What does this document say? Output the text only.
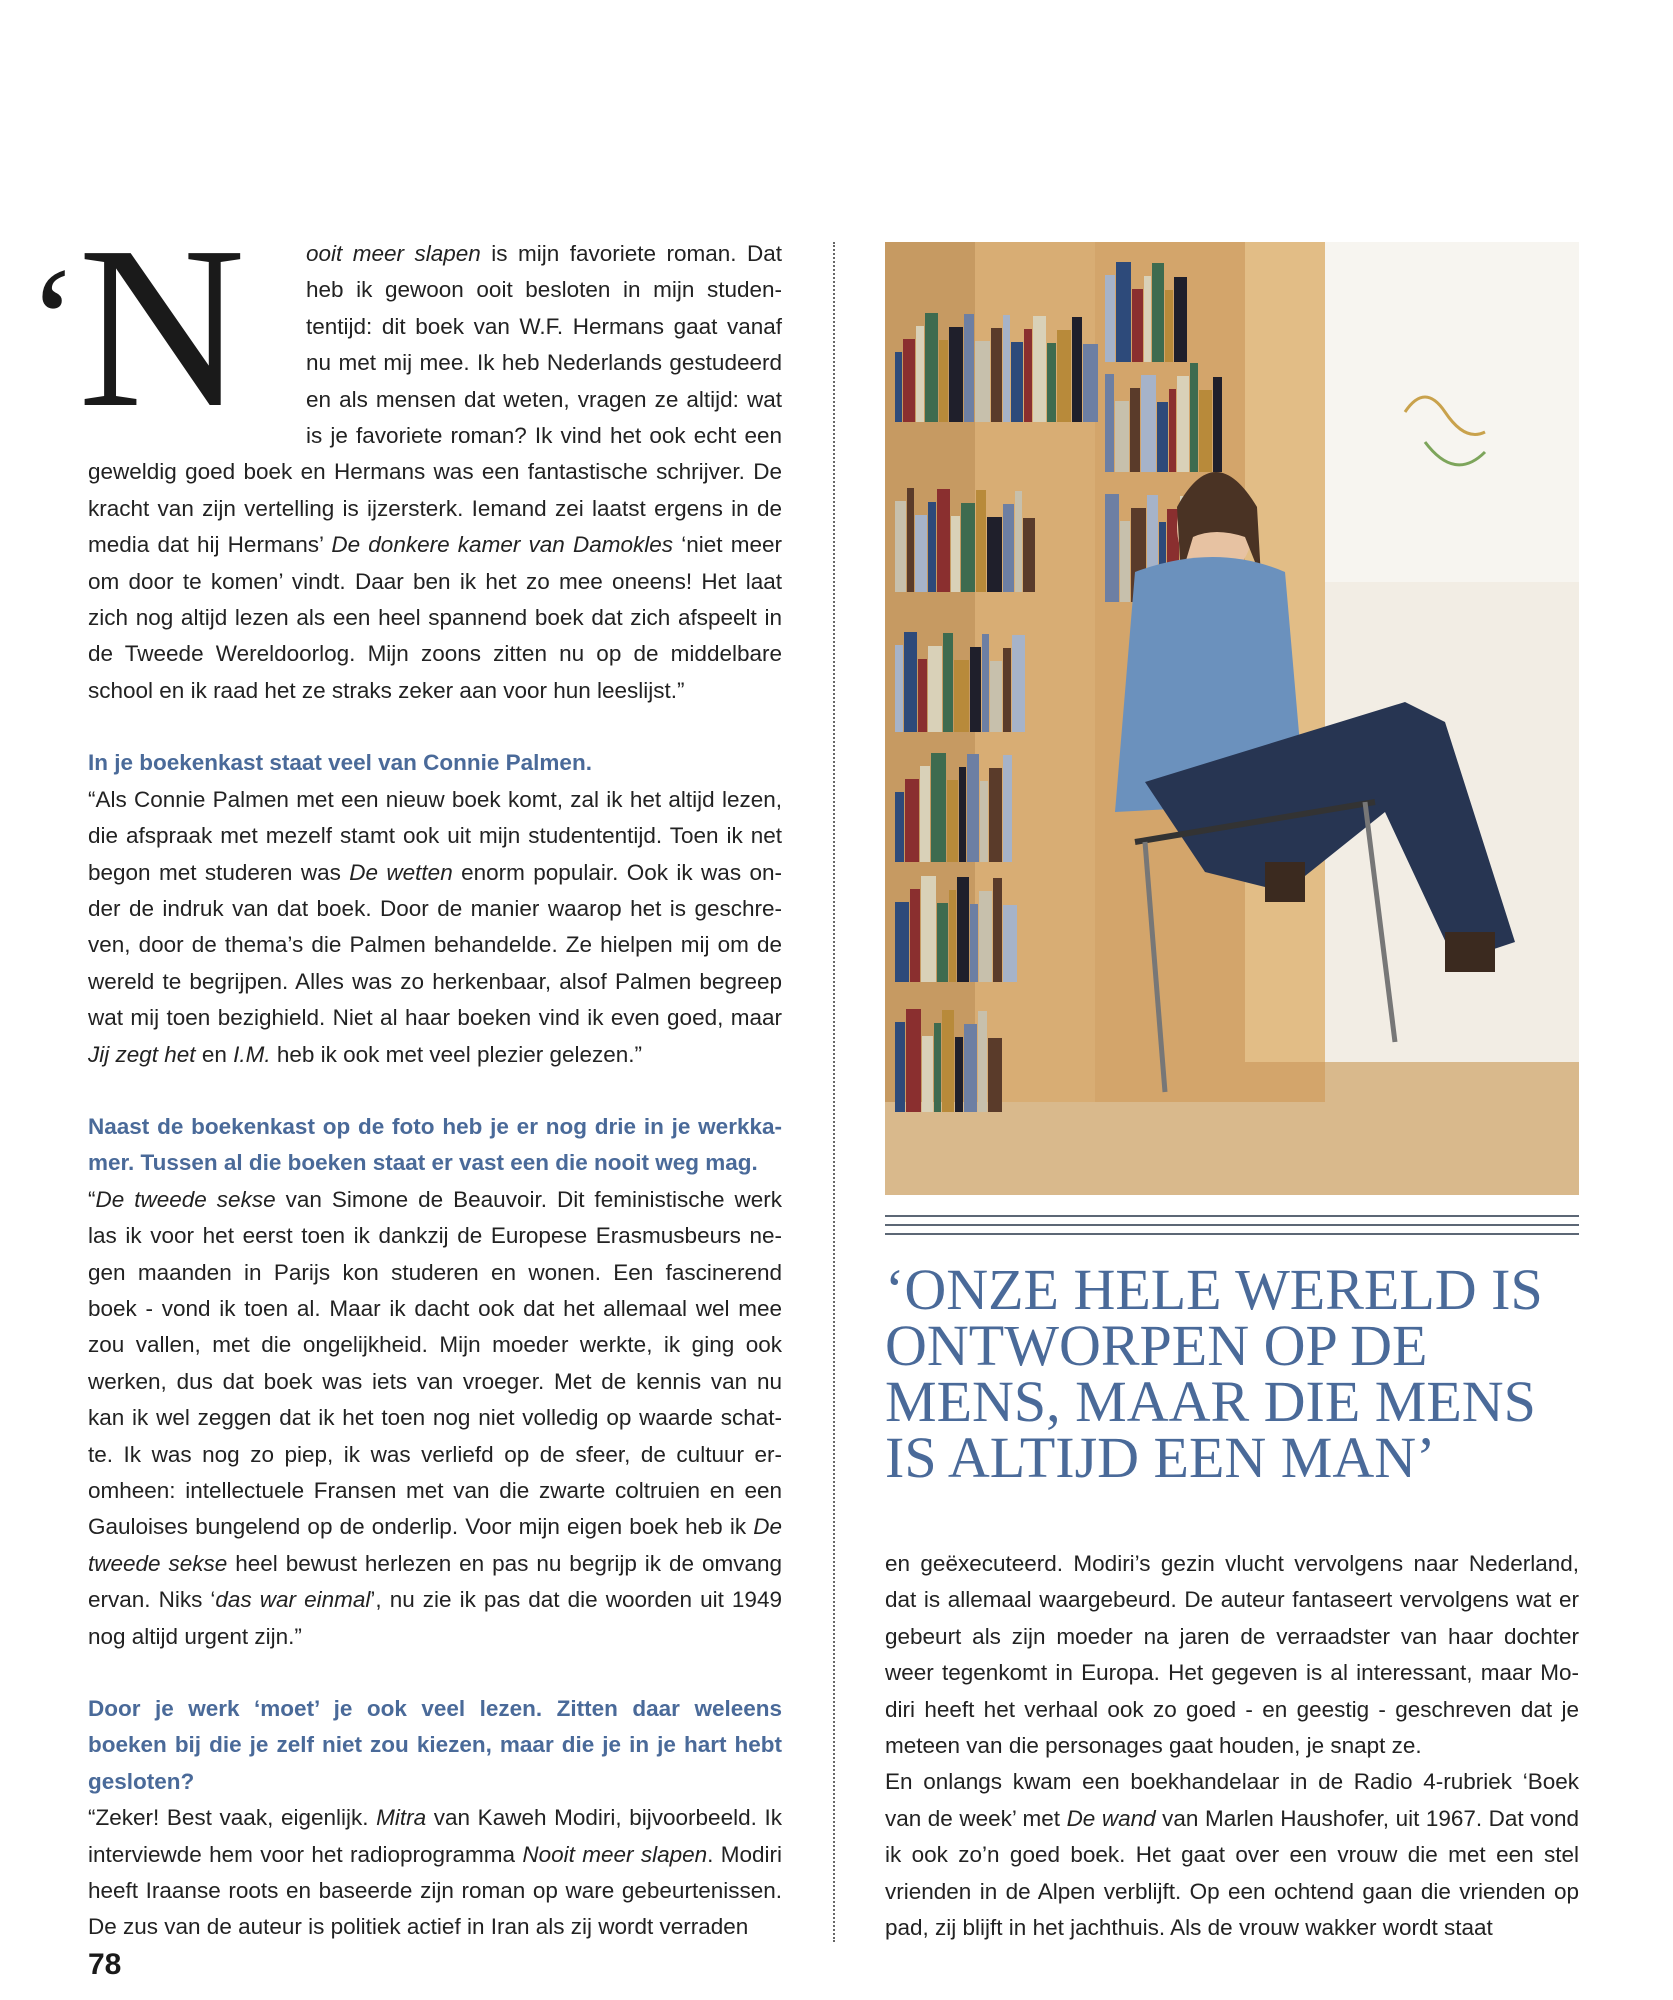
‘N	ooit meer slapen is mijn favoriete roman. Dat
heb ik gewoon ooit besloten in mijn studen-
tentijd: dit boek van W.F. Hermans gaat vanaf
nu met mij mee. Ik heb Nederlands gestudeerd
en als mensen dat weten, vragen ze altijd: wat
is je favoriete roman? Ik vind het ook echt een

geweldig goed boek en Hermans was een fantastische schrijver. De kracht van zijn vertelling is ijzersterk. Iemand zei laatst ergens in de media dat hij Hermans’ De donkere kamer van Damokles ‘niet meer om door te komen’ vindt. Daar ben ik het zo mee oneens! Het laat zich nog altijd lezen als een heel spannend boek dat zich afspeelt in de Tweede Wereldoorlog. Mijn zoons zitten nu op de middelbare school en ik raad het ze straks zeker aan voor hun leeslijst.”

In je boekenkast staat veel van Connie Palmen.

“Als Connie Palmen met een nieuw boek komt, zal ik het altijd lezen, die afspraak met mezelf stamt ook uit mijn studententijd. Toen ik net begon met studeren was De wetten enorm populair. Ook ik was on-der de indruk van dat boek. Door de manier waarop het is geschre-ven, door de thema’s die Palmen behandelde. Ze hielpen mij om de wereld te begrijpen. Alles was zo herkenbaar, alsof Palmen begreep wat mij toen bezighield. Niet al haar boeken vind ik even goed, maar Jij zegt het en I.M. heb ik ook met veel plezier gelezen.”

Naast de boekenkast op de foto heb je er nog drie in je werkka-mer. Tussen al die boeken staat er vast een die nooit weg mag.

“De tweede sekse van Simone de Beauvoir. Dit feministische werk las ik voor het eerst toen ik dankzij de Europese Erasmusbeurs ne-gen maanden in Parijs kon studeren en wonen. Een fascinerend boek - vond ik toen al. Maar ik dacht ook dat het allemaal wel mee zou vallen, met die ongelijkheid. Mijn moeder werkte, ik ging ook werken, dus dat boek was iets van vroeger. Met de kennis van nu kan ik wel zeggen dat ik het toen nog niet volledig op waarde schat-te. Ik was nog zo piep, ik was verliefd op de sfeer, de cultuur er-omheen: intellectuele Fransen met van die zwarte coltruien en een Gauloises bungelend op de onderlip. Voor mijn eigen boek heb ik De tweede sekse heel bewust herlezen en pas nu begrijp ik de omvang ervan. Niks ‘das war einmal’, nu zie ik pas dat die woorden uit 1949 nog altijd urgent zijn.”

Door je werk ‘moet’ je ook veel lezen. Zitten daar weleens boeken bij die je zelf niet zou kiezen, maar die je in je hart hebt gesloten?

“Zeker! Best vaak, eigenlijk. Mitra van Kaweh Modiri, bijvoorbeeld. Ik interviewde hem voor het radioprogramma Nooit meer slapen. Modiri heeft Iraanse roots en baseerde zijn roman op ware gebeurtenissen. De zus van de auteur is politiek actief in Iran als zij wordt verraden

‘ONZE HELE WERELD IS ONTWORPEN OP DE MENS, MAAR DIE MENS IS ALTIJD EEN MAN’

en geëxecuteerd. Modiri’s gezin vlucht vervolgens naar Nederland, dat is allemaal waargebeurd. De auteur fantaseert vervolgens wat er gebeurt als zijn moeder na jaren de verraadster van haar dochter weer tegenkomt in Europa. Het gegeven is al interessant, maar Mo-diri heeft het verhaal ook zo goed - en geestig - geschreven dat je meteen van die personages gaat houden, je snapt ze.

En onlangs kwam een boekhandelaar in de Radio 4-rubriek ‘Boek van de week’ met De wand van Marlen Haushofer, uit 1967. Dat vond ik ook zo’n goed boek. Het gaat over een vrouw die met een stel vrienden in de Alpen verblijft. Op een ochtend gaan die vrienden op pad, zij blijft in het jachthuis. Als de vrouw wakker wordt staat

78
